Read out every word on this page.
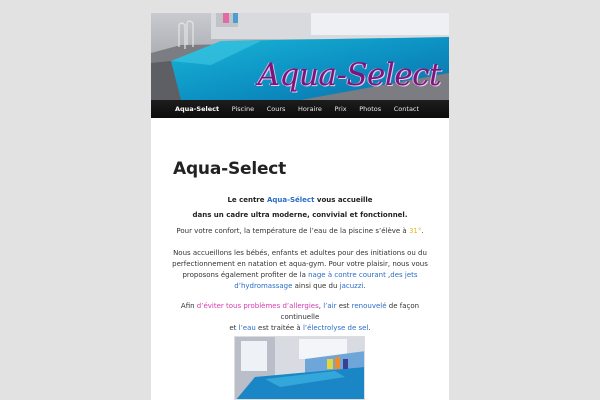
Aqua-Select
Aqua-Select	Piscine	Cours	Horaire	Prix	Photos	Contact
Aqua-Select
Le centre Aqua-Sélect vous accueille
dans un cadre ultra moderne, convivial et fonctionnel.
Pour votre confort, la température de l’eau de la piscine s’élève à 31°.
Nous accueillons les bébés, enfants et adultes pour des initiations ou du
perfectionnement en natation et aqua-gym. Pour votre plaisir, nous vous
proposons également profiter de la nage à contre courant ,des jets
d’hydromassage ainsi que du jacuzzi.
Afin d’éviter tous problèmes d’allergies, l’air est renouvelé de façon
continuelle
et l’eau est traitée à l’électrolyse de sel.
